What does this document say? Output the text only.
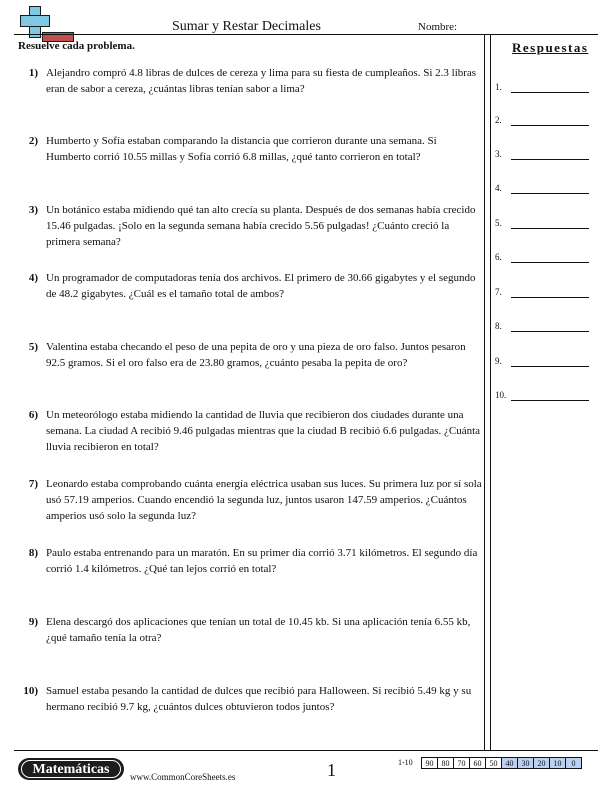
Sumar y Restar Decimales	Nombre:
Resuelve cada problema.	Respuestas
1.
2.
3.
4.
5.
6.
7.
8.
9.
10.
1) Alejandro compró 4.8 libras de dulces de cereza y lima para su fiesta de cumpleaños. Si 2.3 libras eran de sabor a cereza, ¿cuántas libras tenían sabor a lima?
2) Humberto y Sofía estaban comparando la distancia que corrieron durante una semana. Si Humberto corrió 10.55 millas y Sofía corrió 6.8 millas, ¿qué tanto corrieron en total?
3) Un botánico estaba midiendo qué tan alto crecía su planta. Después de dos semanas había crecido 15.46 pulgadas. ¡Solo en la segunda semana había crecido 5.56 pulgadas! ¿Cuánto creció la primera semana?
4) Un programador de computadoras tenía dos archivos. El primero de 30.66 gigabytes y el segundo de 48.2 gigabytes. ¿Cuál es el tamaño total de ambos?
5) Valentina estaba checando el peso de una pepita de oro y una pieza de oro falso. Juntos pesaron 92.5 gramos. Si el oro falso era de 23.80 gramos, ¿cuánto pesaba la pepita de oro?
6) Un meteorólogo estaba midiendo la cantidad de lluvia que recibieron dos ciudades durante una semana. La ciudad A recibió 9.46 pulgadas mientras que la ciudad B recibió 6.6 pulgadas. ¿Cuánta lluvia recibieron en total?
7) Leonardo estaba comprobando cuánta energía eléctrica usaban sus luces. Su primera luz por sí sola usó 57.19 amperios. Cuando encendió la segunda luz, juntos usaron 147.59 amperios. ¿Cuántos amperios usó solo la segunda luz?
8) Paulo estaba entrenando para un maratón. En su primer día corrió 3.71 kilómetros. El segundo día corrió 1.4 kilómetros. ¿Qué tan lejos corrió en total?
9) Elena descargó dos aplicaciones que tenían un total de 10.45 kb. Si una aplicación tenía 6.55 kb, ¿qué tamaño tenía la otra?
10) Samuel estaba pesando la cantidad de dulces que recibió para Halloween. Si recibió 5.49 kg y su hermano recibió 9.7 kg, ¿cuántos dulces obtuvieron todos juntos?
Matemáticas	www.CommonCoreSheets.es	1	1-10	90	80	70	60	50	40	30	20	10	0
